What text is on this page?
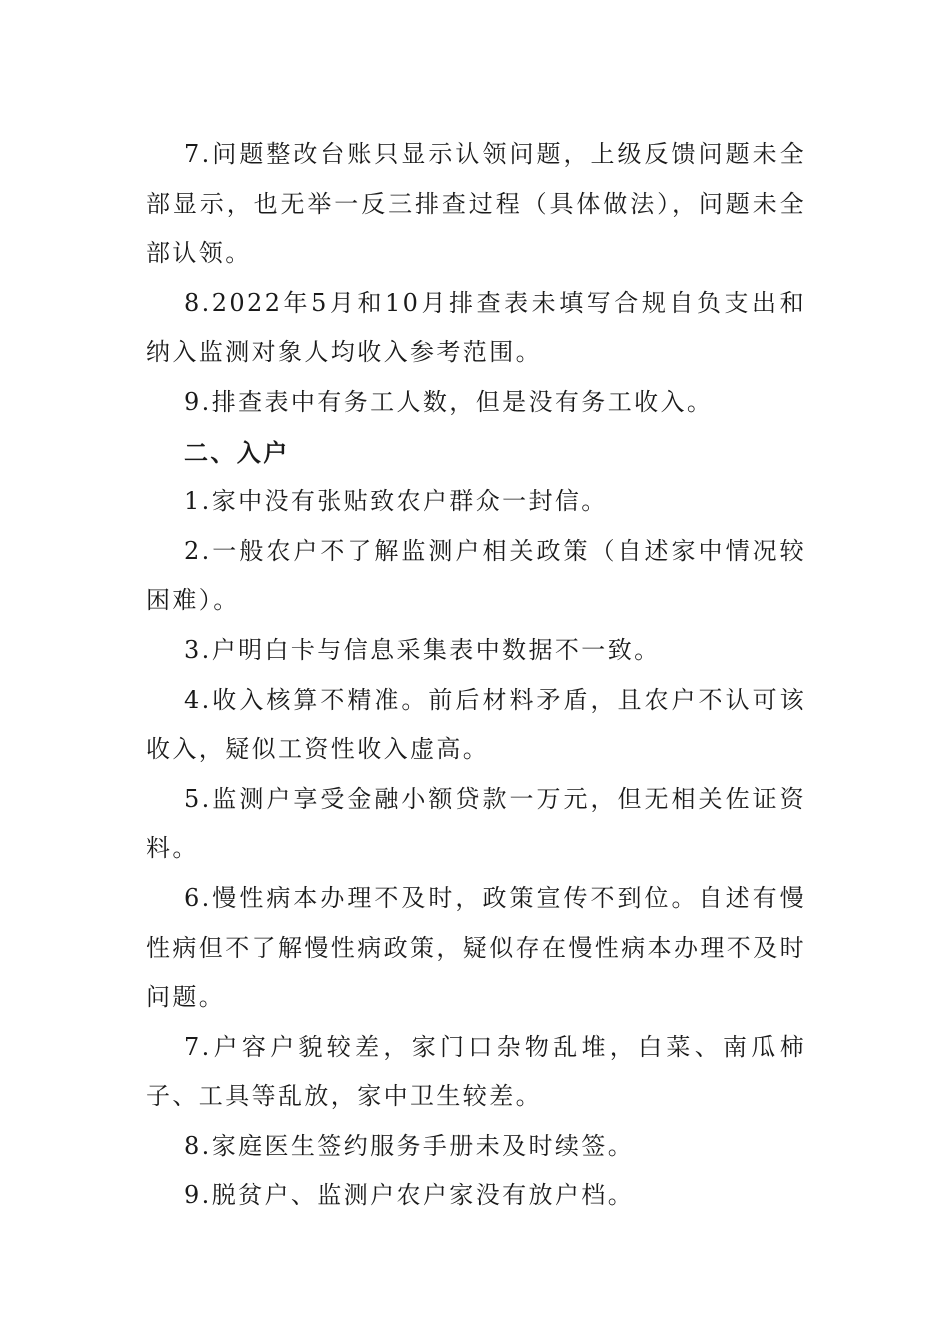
7.问题整改台账只显示认领问题，上级反馈问题未全部显示，也无举一反三排查过程（具体做法），问题未全部认领。

8.2022年5月和10月排查表未填写合规自负支出和纳入监测对象人均收入参考范围。

9.排查表中有务工人数，但是没有务工收入。

二、入户

1.家中没有张贴致农户群众一封信。

2.一般农户不了解监测户相关政策（自述家中情况较困难）。

3.户明白卡与信息采集表中数据不一致。

4.收入核算不精准。前后材料矛盾，且农户不认可该收入，疑似工资性收入虚高。

5.监测户享受金融小额贷款一万元，但无相关佐证资料。

6.慢性病本办理不及时，政策宣传不到位。自述有慢性病但不了解慢性病政策，疑似存在慢性病本办理不及时问题。

7.户容户貌较差，家门口杂物乱堆，白菜、南瓜柿子、工具等乱放，家中卫生较差。

8.家庭医生签约服务手册未及时续签。

9.脱贫户、监测户农户家没有放户档。
